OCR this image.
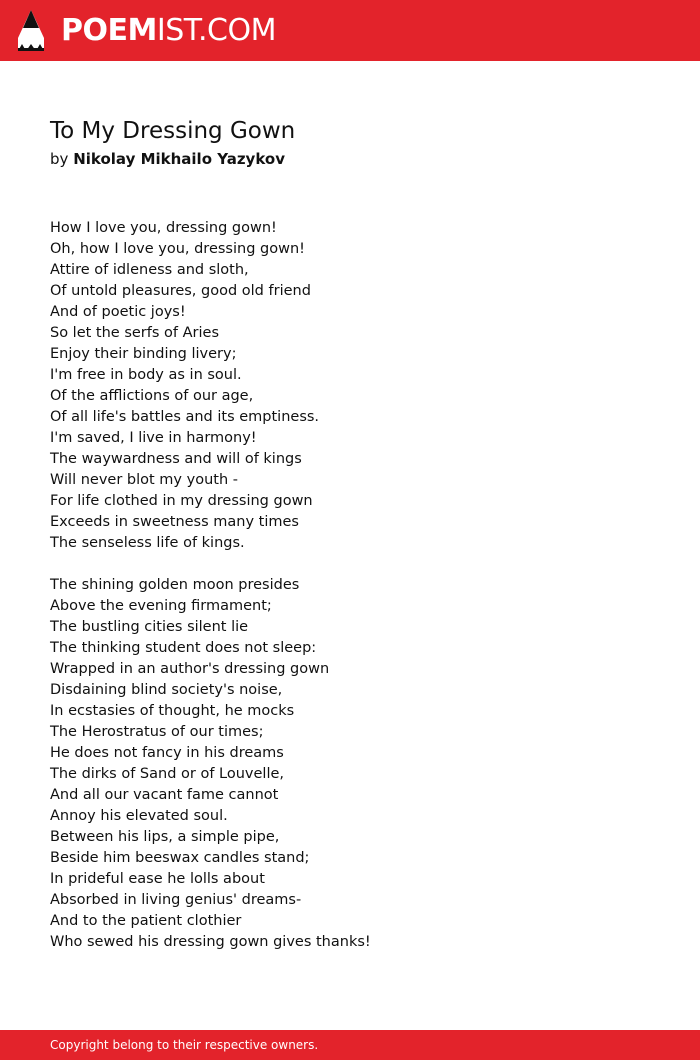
POEMIST.COM
To My Dressing Gown
by Nikolay Mikhailo Yazykov
How I love you, dressing gown!
Oh, how I love you, dressing gown!
Attire of idleness and sloth,
Of untold pleasures, good old friend
And of poetic joys!
So let the serfs of Aries
Enjoy their binding livery;
I'm free in body as in soul.
Of the afflictions of our age,
Of all life's battles and its emptiness.
I'm saved, I live in harmony!
The waywardness and will of kings
Will never blot my youth -
For life clothed in my dressing gown
Exceeds in sweetness many times
The senseless life of kings.
The shining golden moon presides
Above the evening firmament;
The bustling cities silent lie
The thinking student does not sleep:
Wrapped in an author's dressing gown
Disdaining blind society's noise,
In ecstasies of thought, he mocks
The Herostratus of our times;
He does not fancy in his dreams
The dirks of Sand or of Louvelle,
And all our vacant fame cannot
Annoy his elevated soul.
Between his lips, a simple pipe,
Beside him beeswax candles stand;
In prideful ease he lolls about
Absorbed in living genius' dreams-
And to the patient clothier
Who sewed his dressing gown gives thanks!
Copyright belong to their respective owners.
